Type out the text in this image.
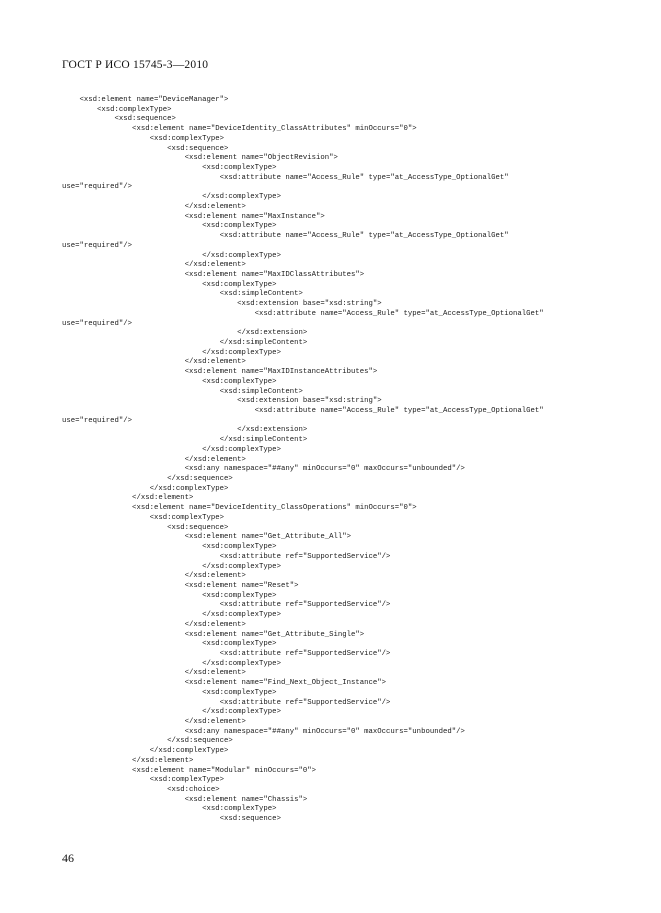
ГОСТ Р ИСО 15745-3—2010
<xsd:element name="DeviceManager">
<xsd:complexType>
<xsd:sequence>
<xsd:element name="DeviceIdentity_ClassAttributes" minOccurs="0">
<xsd:complexType>
<xsd:sequence>
<xsd:element name="ObjectRevision">
<xsd:complexType>
<xsd:attribute name="Access_Rule" type="at_AccessType_OptionalGet"
use="required"/>
</xsd:complexType>
</xsd:element>
<xsd:element name="MaxInstance">
<xsd:complexType>
<xsd:attribute name="Access_Rule" type="at_AccessType_OptionalGet"
use="required"/>
</xsd:complexType>
</xsd:element>
<xsd:element name="MaxIDClassAttributes">
<xsd:complexType>
<xsd:simpleContent>
<xsd:extension base="xsd:string">
<xsd:attribute name="Access_Rule" type="at_AccessType_OptionalGet"
use="required"/>
</xsd:extension>
</xsd:simpleContent>
</xsd:complexType>
</xsd:element>
<xsd:element name="MaxIDInstanceAttributes">
<xsd:complexType>
<xsd:simpleContent>
<xsd:extension base="xsd:string">
<xsd:attribute name="Access_Rule" type="at_AccessType_OptionalGet"
use="required"/>
</xsd:extension>
</xsd:simpleContent>
</xsd:complexType>
</xsd:element>
<xsd:any namespace="##any" minOccurs="0" maxOccurs="unbounded"/>
</xsd:sequence>
</xsd:complexType>
</xsd:element>
<xsd:element name="DeviceIdentity_ClassOperations" minOccurs="0">
<xsd:complexType>
<xsd:sequence>
<xsd:element name="Get_Attribute_All">
<xsd:complexType>
<xsd:attribute ref="SupportedService"/>
</xsd:complexType>
</xsd:element>
<xsd:element name="Reset">
<xsd:complexType>
<xsd:attribute ref="SupportedService"/>
</xsd:complexType>
</xsd:element>
<xsd:element name="Get_Attribute_Single">
<xsd:complexType>
<xsd:attribute ref="SupportedService"/>
</xsd:complexType>
</xsd:element>
<xsd:element name="Find_Next_Object_Instance">
<xsd:complexType>
<xsd:attribute ref="SupportedService"/>
</xsd:complexType>
</xsd:element>
<xsd:any namespace="##any" minOccurs="0" maxOccurs="unbounded"/>
</xsd:sequence>
</xsd:complexType>
</xsd:element>
<xsd:element name="Modular" minOccurs="0">
<xsd:complexType>
<xsd:choice>
<xsd:element name="Chassis">
<xsd:complexType>
<xsd:sequence>
46
